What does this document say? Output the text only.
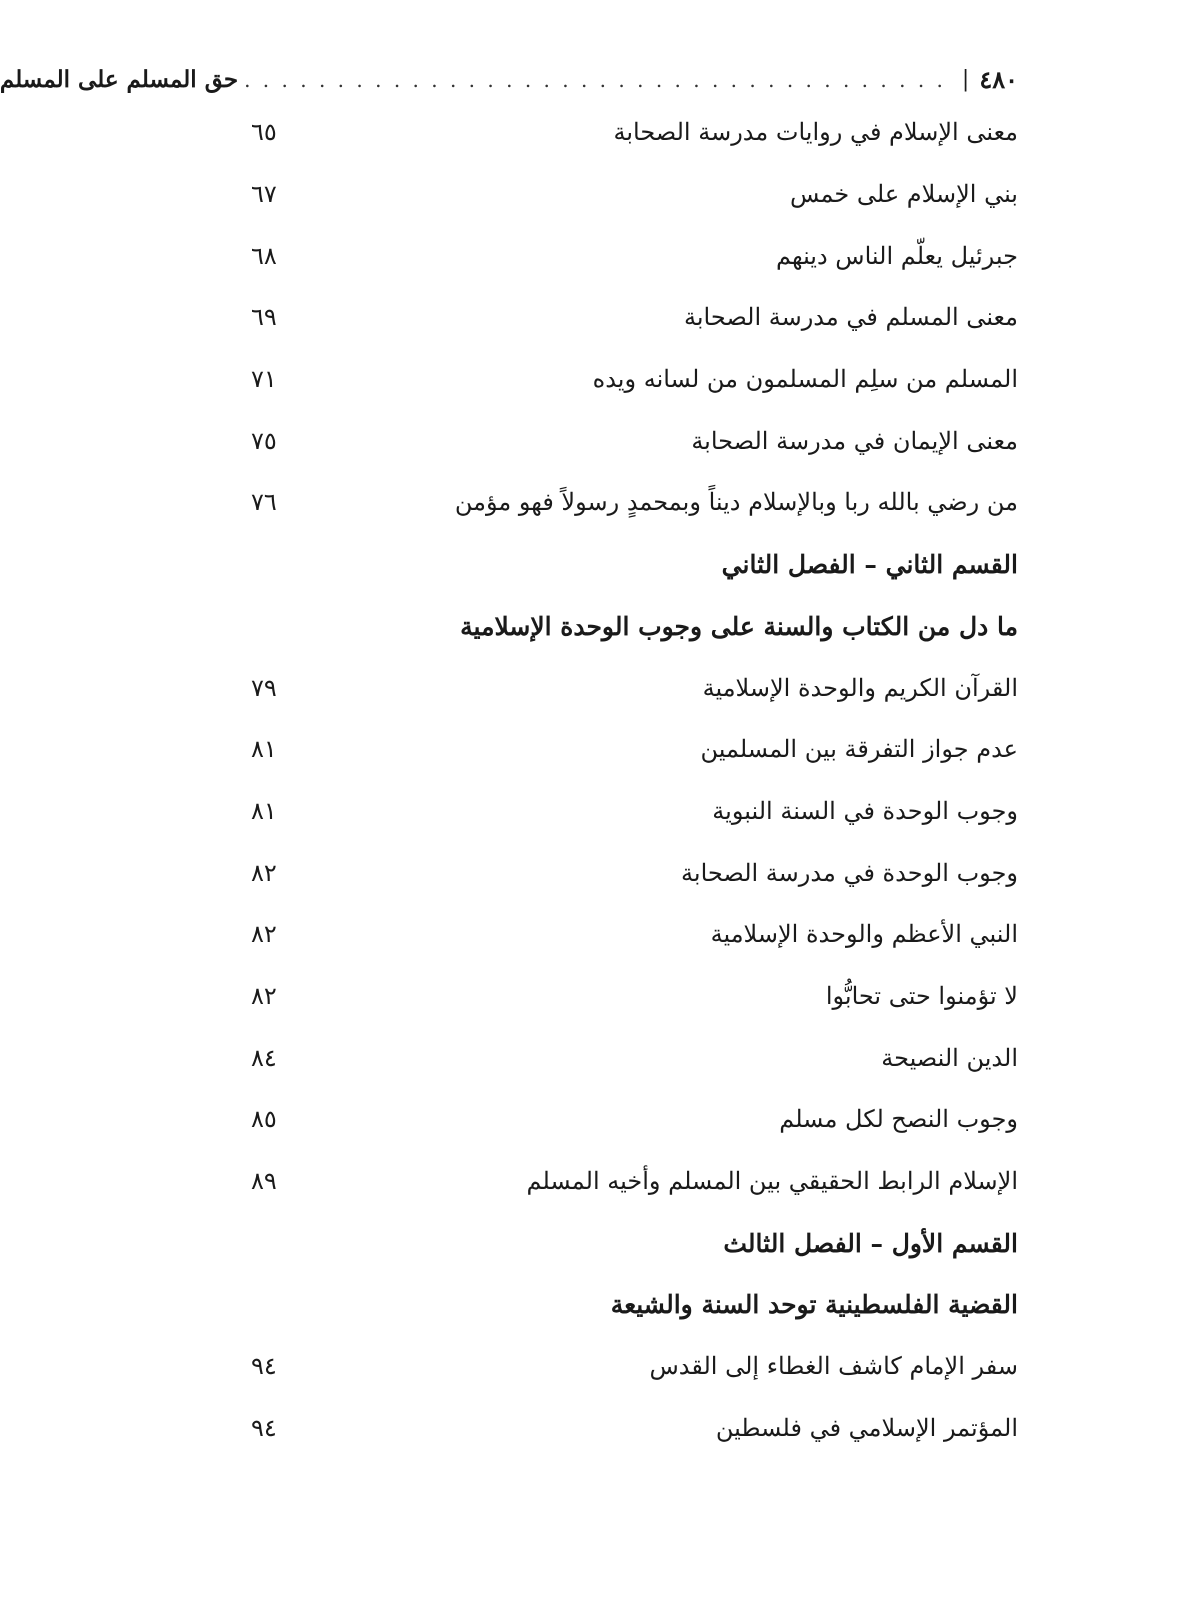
٤٨٠
|
. . . . . . . . . . . . . . . . . . . . . . . . . . . . . . . . . . . . . .
حق المسلم على المسلم
معنى الإسلام في روايات مدرسة الصحابة
٦٥
بني الإسلام على خمس
٦٧
جبرئيل يعلّم الناس دينهم
٦٨
معنى المسلم في مدرسة الصحابة
٦٩
المسلم من سلِم المسلمون من لسانه ويده
٧١
معنى الإيمان في مدرسة الصحابة
٧٥
من رضي بالله ربا وبالإسلام ديناً وبمحمدٍ رسولاً فهو مؤمن
٧٦
القسم الثاني – الفصل الثاني
ما دل من الكتاب والسنة على وجوب الوحدة الإسلامية
القرآن الكريم والوحدة الإسلامية
٧٩
عدم جواز التفرقة بين المسلمين
٨١
وجوب الوحدة في السنة النبوية
٨١
وجوب الوحدة في مدرسة الصحابة
٨٢
النبي الأعظم والوحدة الإسلامية
٨٢
لا تؤمنوا حتى تحابُّوا
٨٢
الدين النصيحة
٨٤
وجوب النصح لكل مسلم
٨٥
الإسلام الرابط الحقيقي بين المسلم وأخيه المسلم
٨٩
القسم الأول – الفصل الثالث
القضية الفلسطينية توحد السنة والشيعة
سفر الإمام كاشف الغطاء إلى القدس
٩٤
المؤتمر الإسلامي في فلسطين
٩٤
